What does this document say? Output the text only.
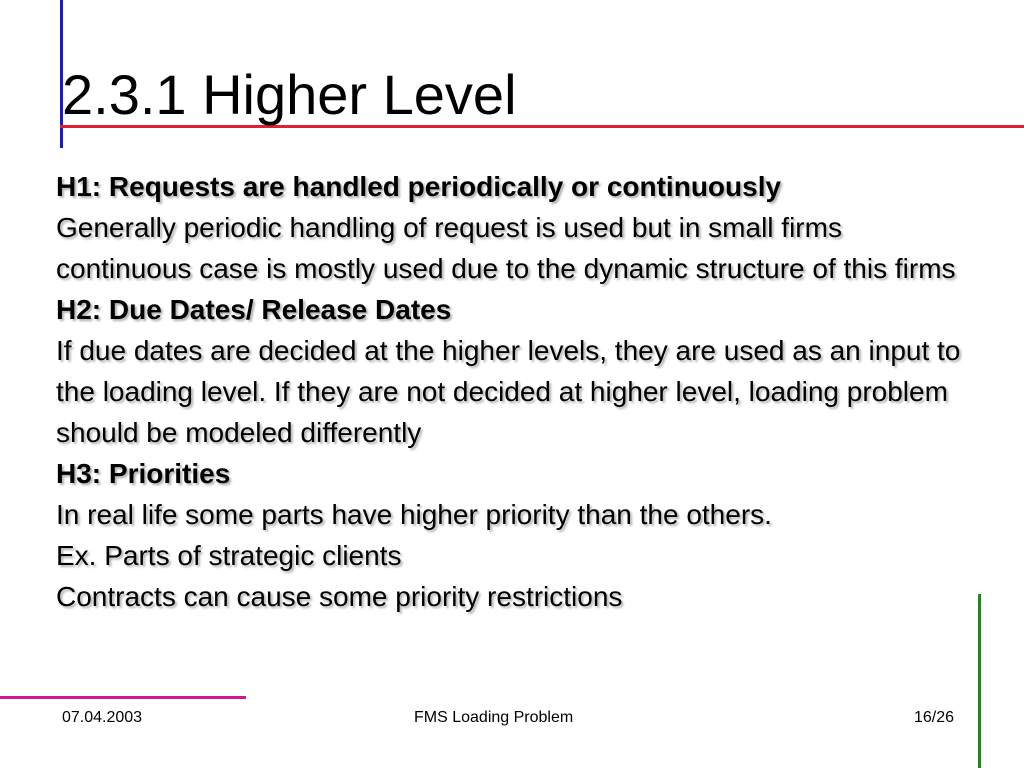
2.3.1 Higher Level

H1: Requests are handled periodically or continuously

Generally periodic handling of request is used but in small firms continuous case is mostly used due to the dynamic structure of this firms

H2: Due Dates/ Release Dates

If due dates are decided at the higher levels, they are used as an input to the loading level. If they are not decided at higher level, loading problem should be modeled differently

H3: Priorities

In real life some parts have higher priority than the others.

Ex. Parts of strategic clients

Contracts can cause some priority restrictions

07.04.2003	FMS Loading Problem	16/26
